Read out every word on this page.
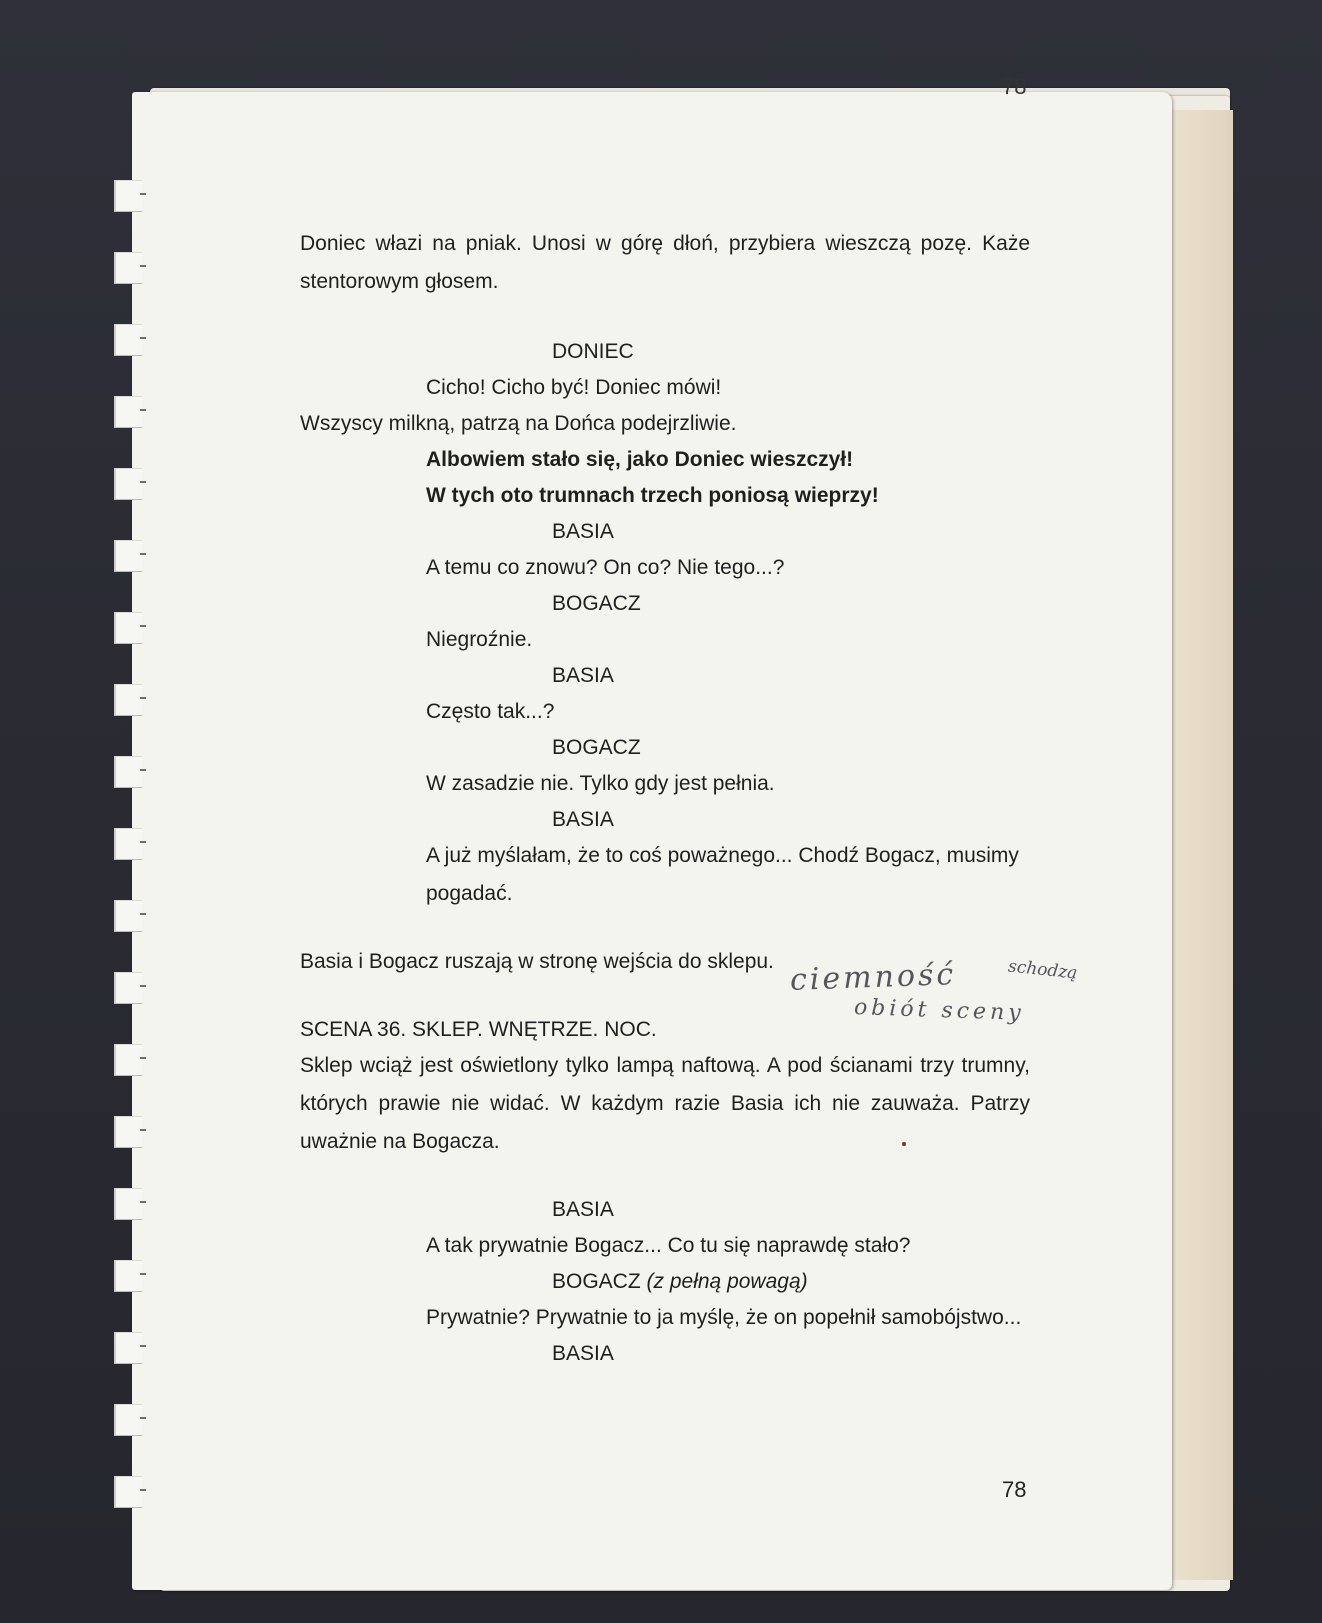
78
Doniec włazi na pniak. Unosi w górę dłoń, przybiera wieszczą pozę. Każe
stentorowym głosem.
DONIEC
Cicho! Cicho być! Doniec mówi!
Wszyscy milkną, patrzą na Dońca podejrzliwie.
Albowiem stało się, jako Doniec wieszczył!
W tych oto trumnach trzech poniosą wieprzy!
BASIA
A temu co znowu? On co? Nie tego...?
BOGACZ
Niegroźnie.
BASIA
Często tak...?
BOGACZ
W zasadzie nie. Tylko gdy jest pełnia.
BASIA
A już myślałam, że to coś poważnego... Chodź Bogacz, musimy
pogadać.
Basia i Bogacz ruszają w stronę wejścia do sklepu.
SCENA 36. SKLEP. WNĘTRZE. NOC.
Sklep wciąż jest oświetlony tylko lampą naftową. A pod ścianami trzy trumny,
których prawie nie widać. W każdym razie Basia ich nie zauważa. Patrzy
uważnie na Bogacza.
BASIA
A tak prywatnie Bogacz... Co tu się naprawdę stało?
BOGACZ (z pełną powagą)
Prywatnie? Prywatnie to ja myślę, że on popełnił samobójstwo...
BASIA
ciemność	schodzą
obiót sceny
78
